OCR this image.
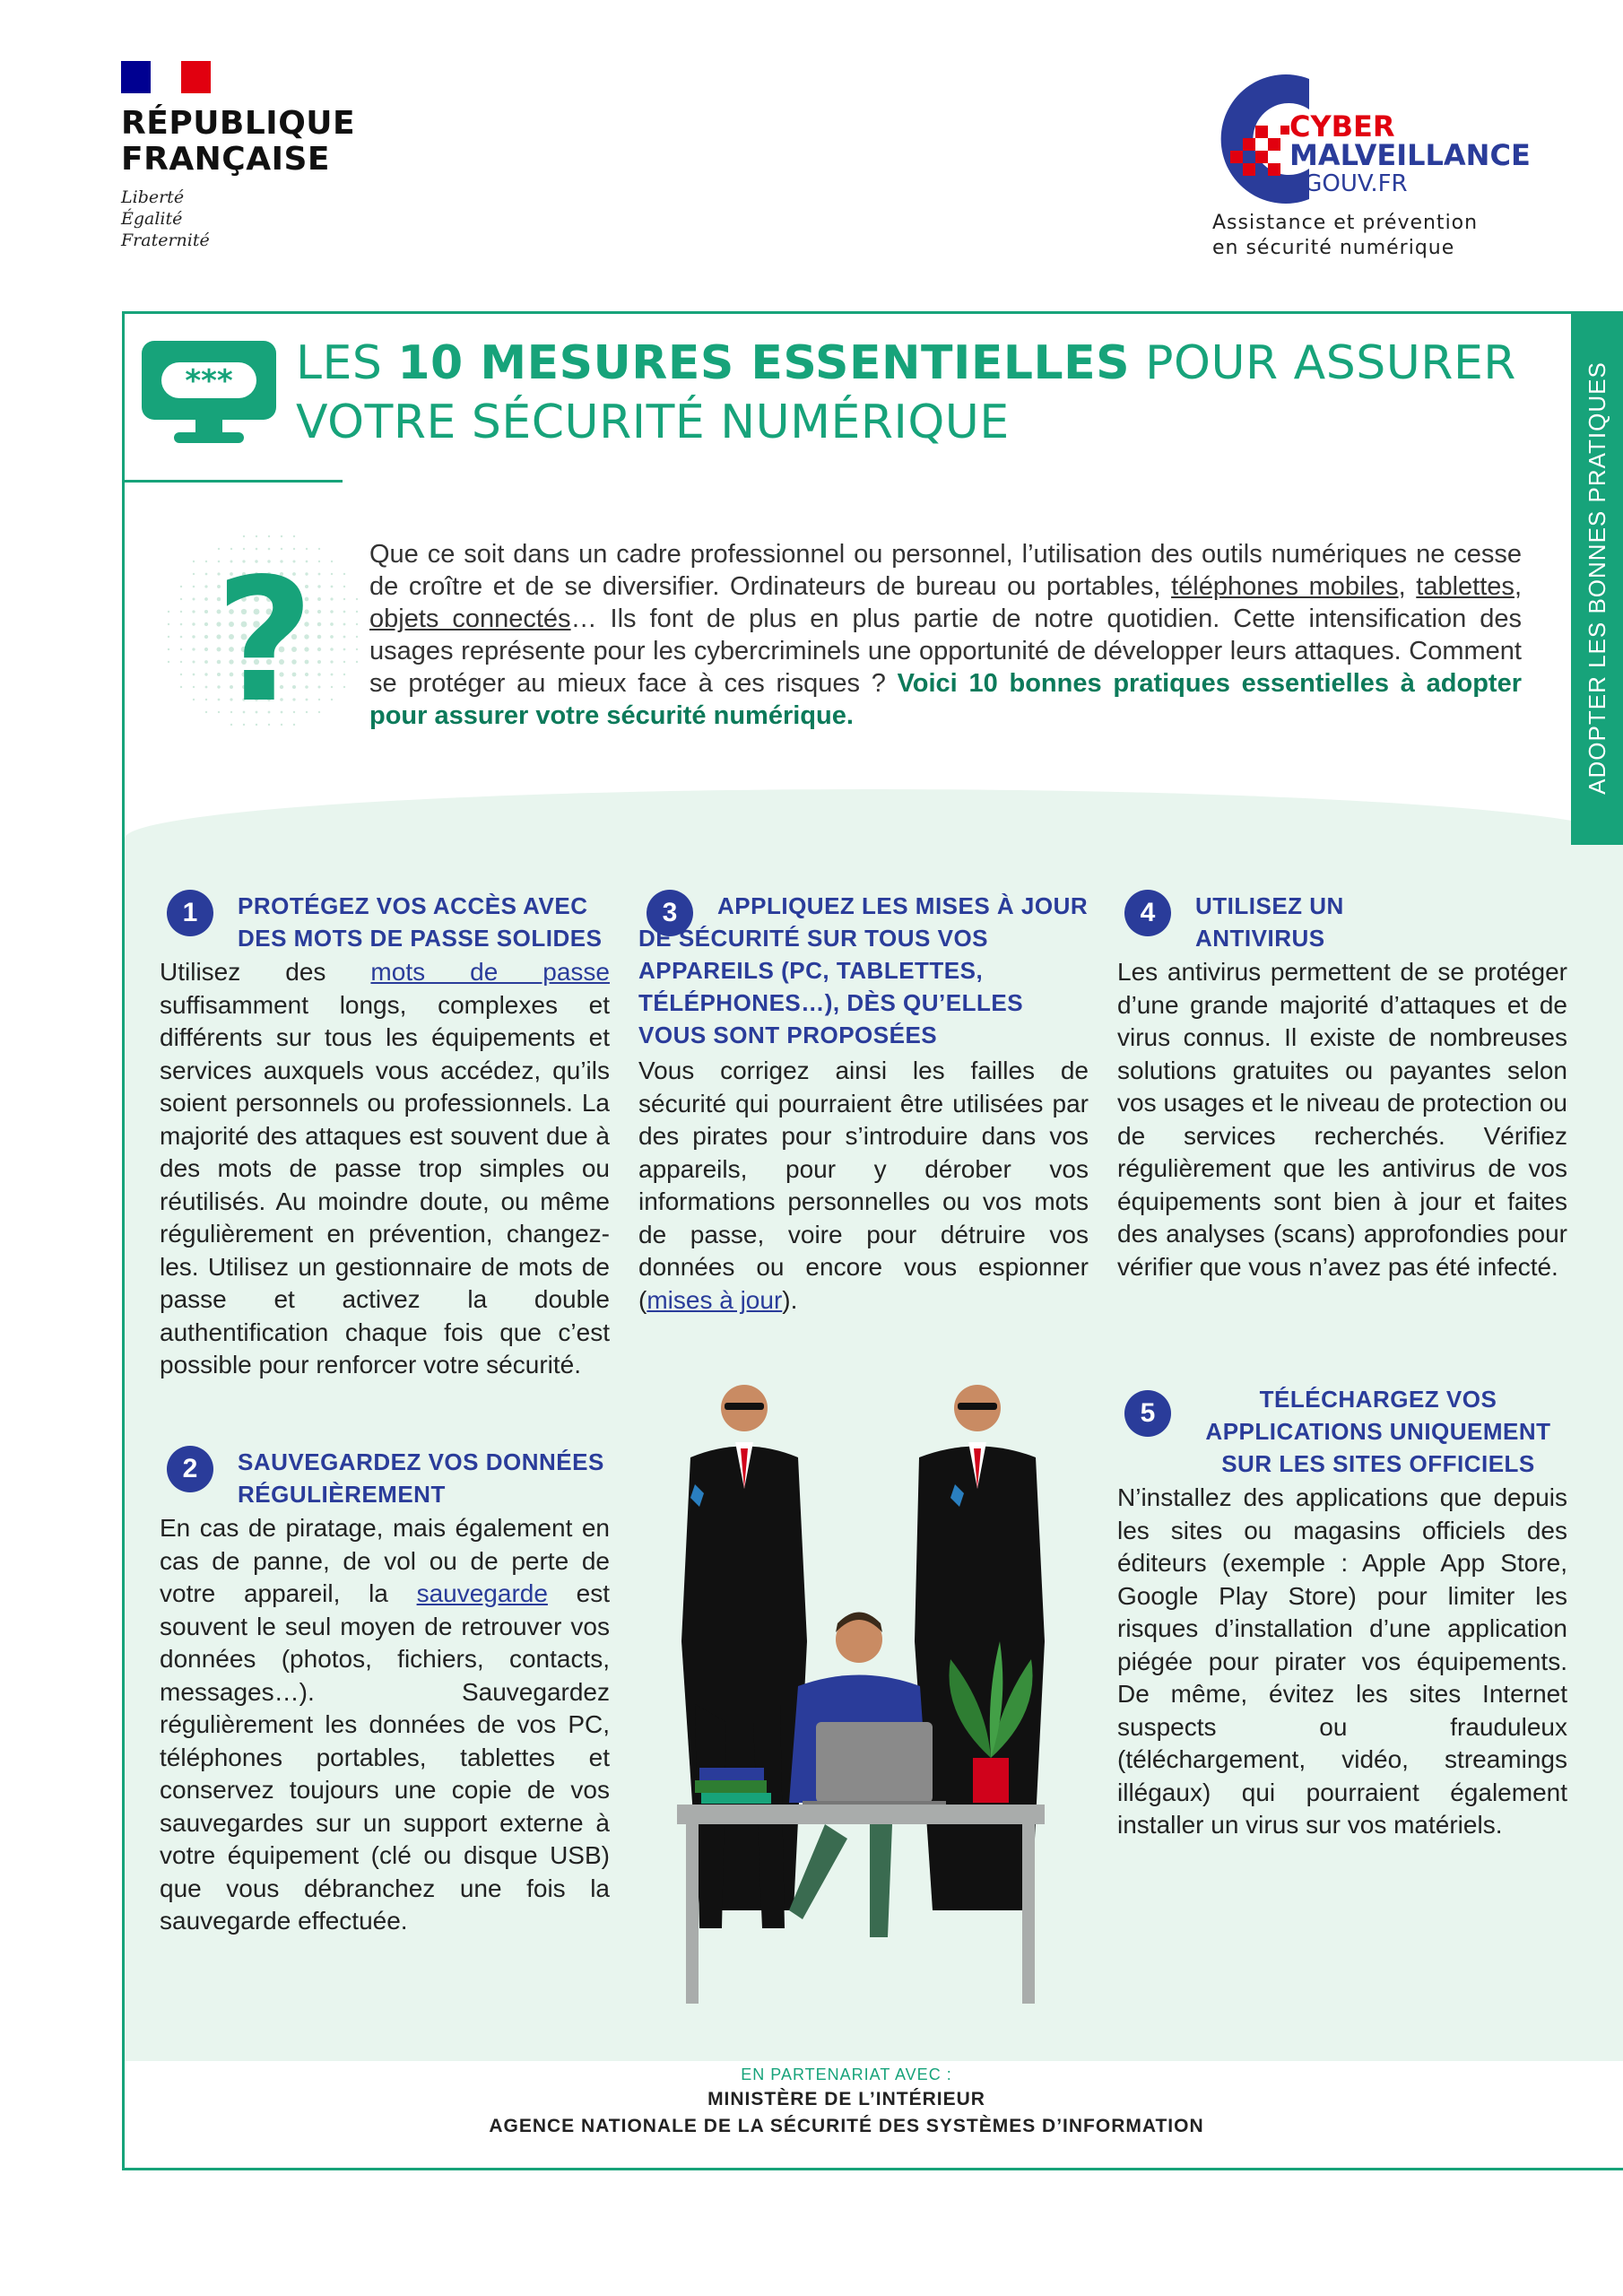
RÉPUBLIQUE
FRANÇAISE
Liberté
Égalité
Fraternité
CYBER
MALVEILLANCE
.GOUV.FR
Assistance et prévention
en sécurité numérique
ADOPTER LES BONNES PRATIQUES
*** LES 10 MESURES ESSENTIELLES POUR ASSURER
VOTRE SÉCURITÉ NUMÉRIQUE
? Que ce soit dans un cadre professionnel ou personnel, l’utilisation des outils numériques ne cesse de croître et de se diversifier. Ordinateurs de bureau ou portables, téléphones mobiles, tablettes, objets connectés… Ils font de plus en plus partie de notre quotidien. Cette intensification des usages représente pour les cybercriminels une opportunité de développer leurs attaques. Comment se protéger au mieux face à ces risques ? Voici 10 bonnes pratiques essentielles à adopter pour assurer votre sécurité numérique.
1	PROTÉGEZ VOS ACCÈS AVEC DES MOTS DE PASSE SOLIDES
Utilisez des mots de passe suffisamment longs, complexes et différents sur tous les équipements et services auxquels vous accédez, qu’ils soient personnels ou professionnels. La majorité des attaques est souvent due à des mots de passe trop simples ou réutilisés. Au moindre doute, ou même régulièrement en prévention, changez-les. Utilisez un gestionnaire de mots de passe et activez la double authentification chaque fois que c’est possible pour renforcer votre sécurité.
2	SAUVEGARDEZ VOS DONNÉES RÉGULIÈREMENT
En cas de piratage, mais également en cas de panne, de vol ou de perte de votre appareil, la sauvegarde est souvent le seul moyen de retrouver vos données (photos, fichiers, contacts, messages…). Sauvegardez régulièrement les données de vos PC, téléphones portables, tablettes et conservez toujours une copie de vos sauvegardes sur un support externe à votre équipement (clé ou disque USB) que vous débranchez une fois la sauvegarde effectuée.
3	APPLIQUEZ LES MISES À JOUR DE SÉCURITÉ SUR TOUS VOS APPAREILS (PC, TABLETTES, TÉLÉPHONES…), DÈS QU’ELLES VOUS SONT PROPOSÉES
Vous corrigez ainsi les failles de sécurité qui pourraient être utilisées par des pirates pour s’introduire dans vos appareils, pour y dérober vos informations personnelles ou vos mots de passe, voire pour détruire vos données ou encore vous espionner (mises à jour).
4	UTILISEZ UN ANTIVIRUS
Les antivirus permettent de se protéger d’une grande majorité d’attaques et de virus connus. Il existe de nombreuses solutions gratuites ou payantes selon vos usages et le niveau de protection ou de services recherchés. Vérifiez régulièrement que les antivirus de vos équipements sont bien à jour et faites des analyses (scans) approfondies pour vérifier que vous n’avez pas été infecté.
5	TÉLÉCHARGEZ VOS APPLICATIONS UNIQUEMENT SUR LES SITES OFFICIELS
N’installez des applications que depuis les sites ou magasins officiels des éditeurs (exemple : Apple App Store, Google Play Store) pour limiter les risques d’installation d’une application piégée pour pirater vos équipements. De même, évitez les sites Internet suspects ou frauduleux (téléchargement, vidéo, streamings illégaux) qui pourraient également installer un virus sur vos matériels.
EN PARTENARIAT AVEC :
MINISTÈRE DE L’INTÉRIEUR
AGENCE NATIONALE DE LA SÉCURITÉ DES SYSTÈMES D’INFORMATION
